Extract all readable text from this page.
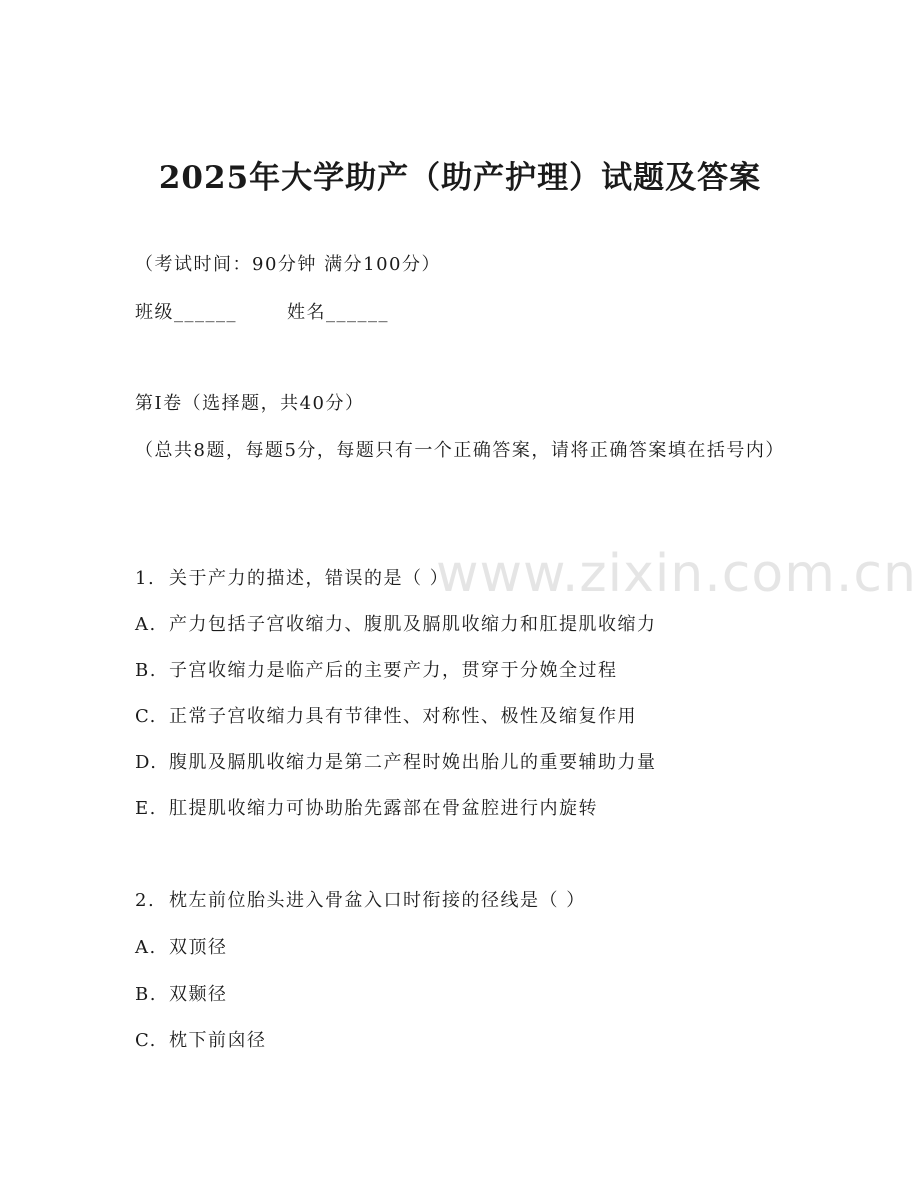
2025年大学助产（助产护理）试题及答案
（考试时间：90分钟 满分100分）
班级______	姓名______
第Ⅰ卷（选择题，共40分）
（总共8题，每题5分，每题只有一个正确答案，请将正确答案填在括号内）
www.zixin.com.cn
1. 关于产力的描述，错误的是（ ）
A. 产力包括子宫收缩力、腹肌及膈肌收缩力和肛提肌收缩力
B. 子宫收缩力是临产后的主要产力，贯穿于分娩全过程
C. 正常子宫收缩力具有节律性、对称性、极性及缩复作用
D. 腹肌及膈肌收缩力是第二产程时娩出胎儿的重要辅助力量
E. 肛提肌收缩力可协助胎先露部在骨盆腔进行内旋转
2. 枕左前位胎头进入骨盆入口时衔接的径线是（ ）
A. 双顶径
B. 双颞径
C. 枕下前囟径
